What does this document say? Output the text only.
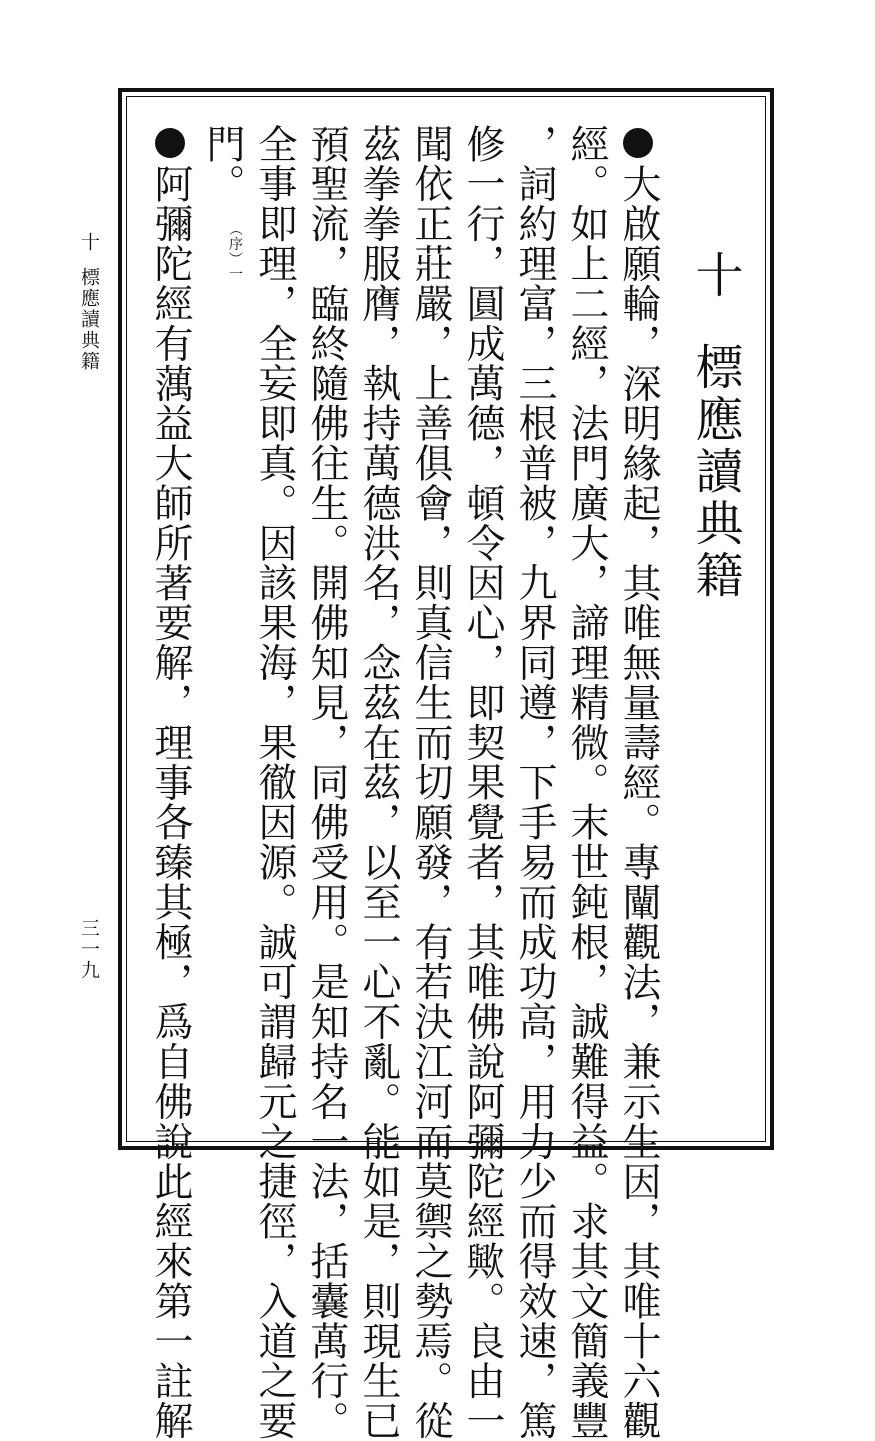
十標應讀典籍
大啟願輪，深明緣起，其唯無量壽經。專闡觀法，兼示生因，其唯十六觀
經。如上二經，法門廣大，諦理精微。末世鈍根，誠難得益。求其文簡義豐
，詞約理富，三根普被，九界同遵，下手易而成功高，用力少而得效速，篤
修一行，圓成萬德，頓令因心，即契果覺者，其唯佛說阿彌陀經歟。良由一
聞依正莊嚴，上善俱會，則真信生而切願發，有若決江河而莫禦之勢焉。從
茲拳拳服膺，執持萬德洪名，念茲在茲，以至一心不亂。能如是，則現生已
預聖流，臨終隨佛往生。開佛知見，同佛受用。是知持名一法，括囊萬行。
全事即理，全妄即真。因該果海，果徹因源。誠可謂歸元之捷徑，入道之要
門。（序）一
阿彌陀經有蕅益大師所著要解，理事各臻其極，爲自佛說此經來第一註解
十標應讀典籍
三一九
